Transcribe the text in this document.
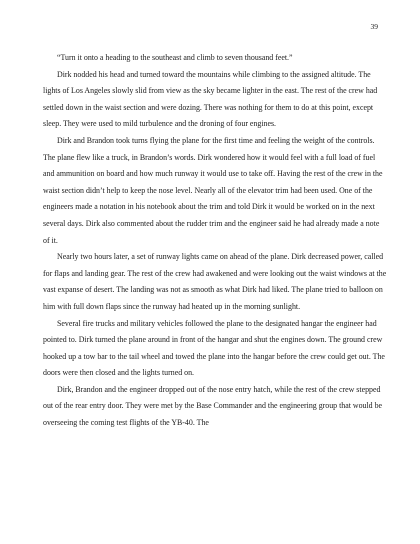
39

“Turn it onto a heading to the southeast and climb to seven thousand feet.”

Dirk nodded his head and turned toward the mountains while climbing to the assigned altitude. The lights of Los Angeles slowly slid from view as the sky became lighter in the east. The rest of the crew had settled down in the waist section and were dozing. There was nothing for them to do at this point, except sleep. They were used to mild turbulence and the droning of four engines.

Dirk and Brandon took turns flying the plane for the first time and feeling the weight of the controls. The plane flew like a truck, in Brandon’s words. Dirk wondered how it would feel with a full load of fuel and ammunition on board and how much runway it would use to take off. Having the rest of the crew in the waist section didn’t help to keep the nose level. Nearly all of the elevator trim had been used. One of the engineers made a notation in his notebook about the trim and told Dirk it would be worked on in the next several days. Dirk also commented about the rudder trim and the engineer said he had already made a note of it.

Nearly two hours later, a set of runway lights came on ahead of the plane. Dirk decreased power, called for flaps and landing gear. The rest of the crew had awakened and were looking out the waist windows at the vast expanse of desert. The landing was not as smooth as what Dirk had liked. The plane tried to balloon on him with full down flaps since the runway had heated up in the morning sunlight.

Several fire trucks and military vehicles followed the plane to the designated hangar the engineer had pointed to. Dirk turned the plane around in front of the hangar and shut the engines down. The ground crew hooked up a tow bar to the tail wheel and towed the plane into the hangar before the crew could get out. The doors were then closed and the lights turned on.

Dirk, Brandon and the engineer dropped out of the nose entry hatch, while the rest of the crew stepped out of the rear entry door. They were met by the Base Commander and the engineering group that would be overseeing the coming test flights of the YB-40. The
